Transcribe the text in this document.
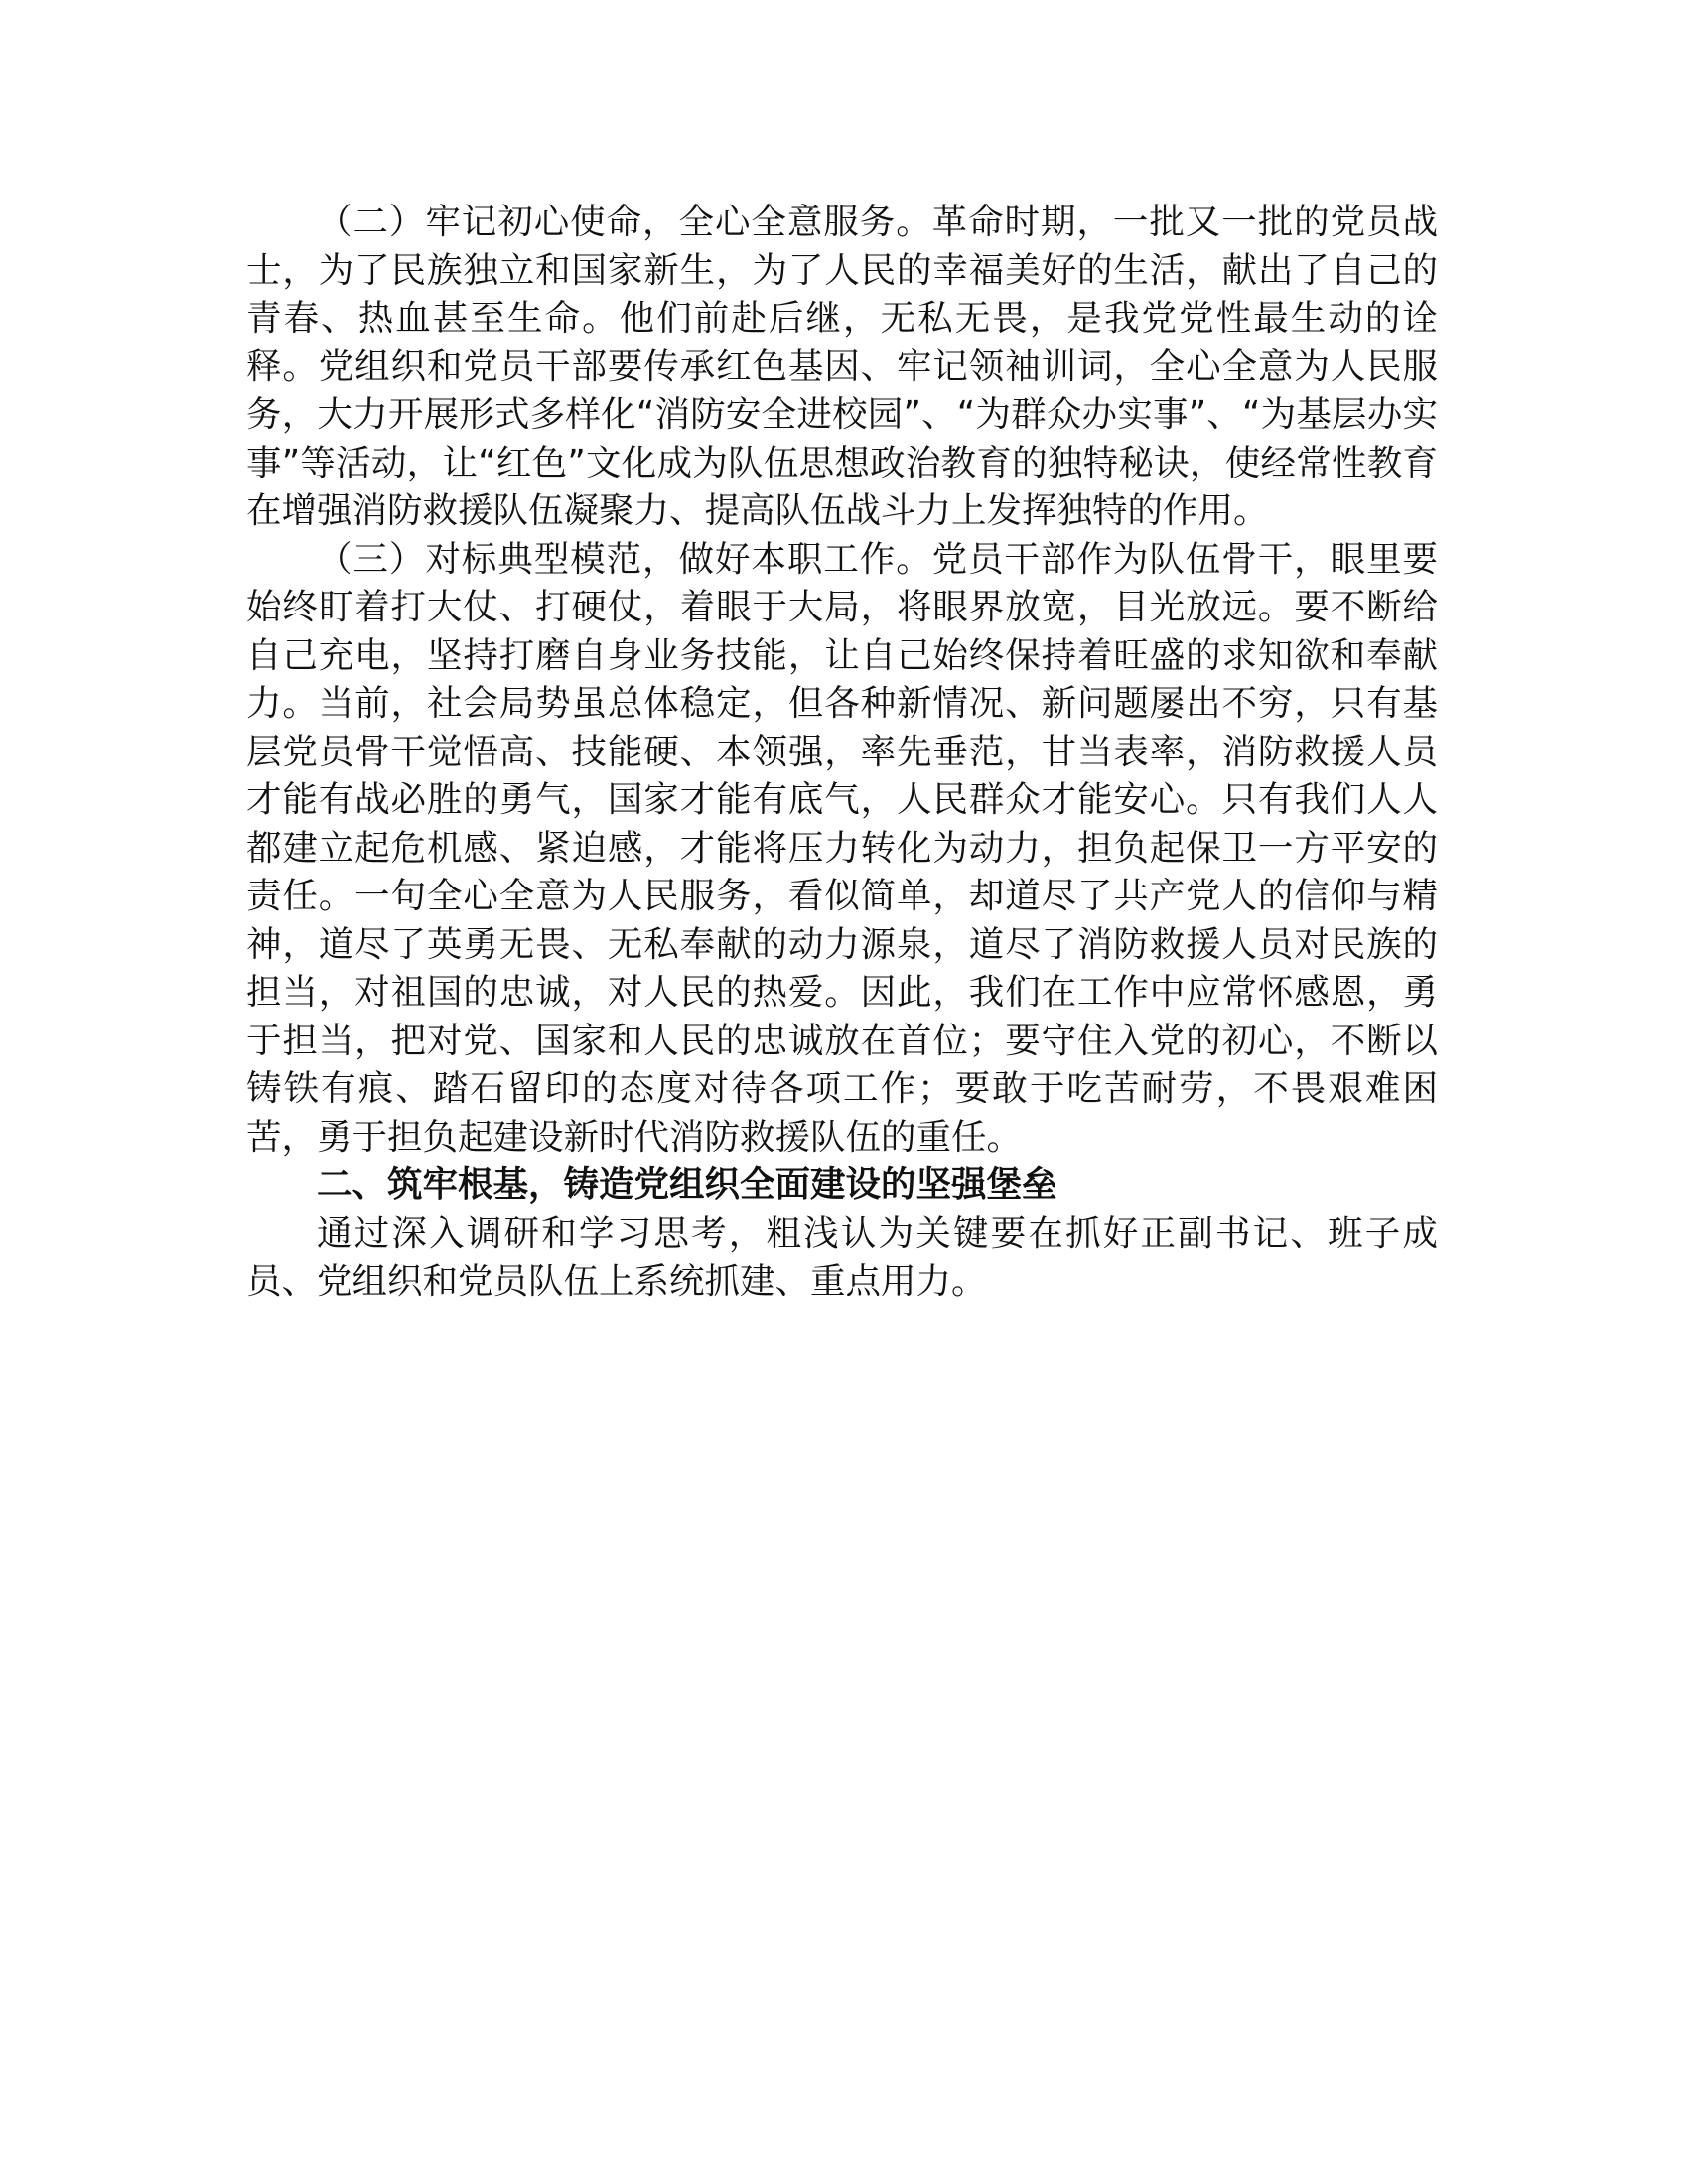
（二）牢记初心使命，全心全意服务。革命时期，一批又一批的党员战士，为了民族独立和国家新生，为了人民的幸福美好的生活，献出了自己的青春、热血甚至生命。他们前赴后继，无私无畏，是我党党性最生动的诠释。党组织和党员干部要传承红色基因、牢记领袖训词，全心全意为人民服务，大力开展形式多样化“消防安全进校园”、“为群众办实事”、“为基层办实事”等活动，让“红色”文化成为队伍思想政治教育的独特秘诀，使经常性教育在增强消防救援队伍凝聚力、提高队伍战斗力上发挥独特的作用。

（三）对标典型模范，做好本职工作。党员干部作为队伍骨干，眼里要始终盯着打大仗、打硬仗，着眼于大局，将眼界放宽，目光放远。要不断给自己充电，坚持打磨自身业务技能，让自己始终保持着旺盛的求知欲和奉献力。当前，社会局势虽总体稳定，但各种新情况、新问题屡出不穷，只有基层党员骨干觉悟高、技能硬、本领强，率先垂范，甘当表率，消防救援人员才能有战必胜的勇气，国家才能有底气，人民群众才能安心。只有我们人人都建立起危机感、紧迫感，才能将压力转化为动力，担负起保卫一方平安的责任。一句全心全意为人民服务，看似简单，却道尽了共产党人的信仰与精神，道尽了英勇无畏、无私奉献的动力源泉，道尽了消防救援人员对民族的担当，对祖国的忠诚，对人民的热爱。因此，我们在工作中应常怀感恩，勇于担当，把对党、国家和人民的忠诚放在首位；要守住入党的初心，不断以铸铁有痕、踏石留印的态度对待各项工作；要敢于吃苦耐劳，不畏艰难困苦，勇于担负起建设新时代消防救援队伍的重任。

二、筑牢根基，铸造党组织全面建设的坚强堡垒

通过深入调研和学习思考，粗浅认为关键要在抓好正副书记、班子成员、党组织和党员队伍上系统抓建、重点用力。
